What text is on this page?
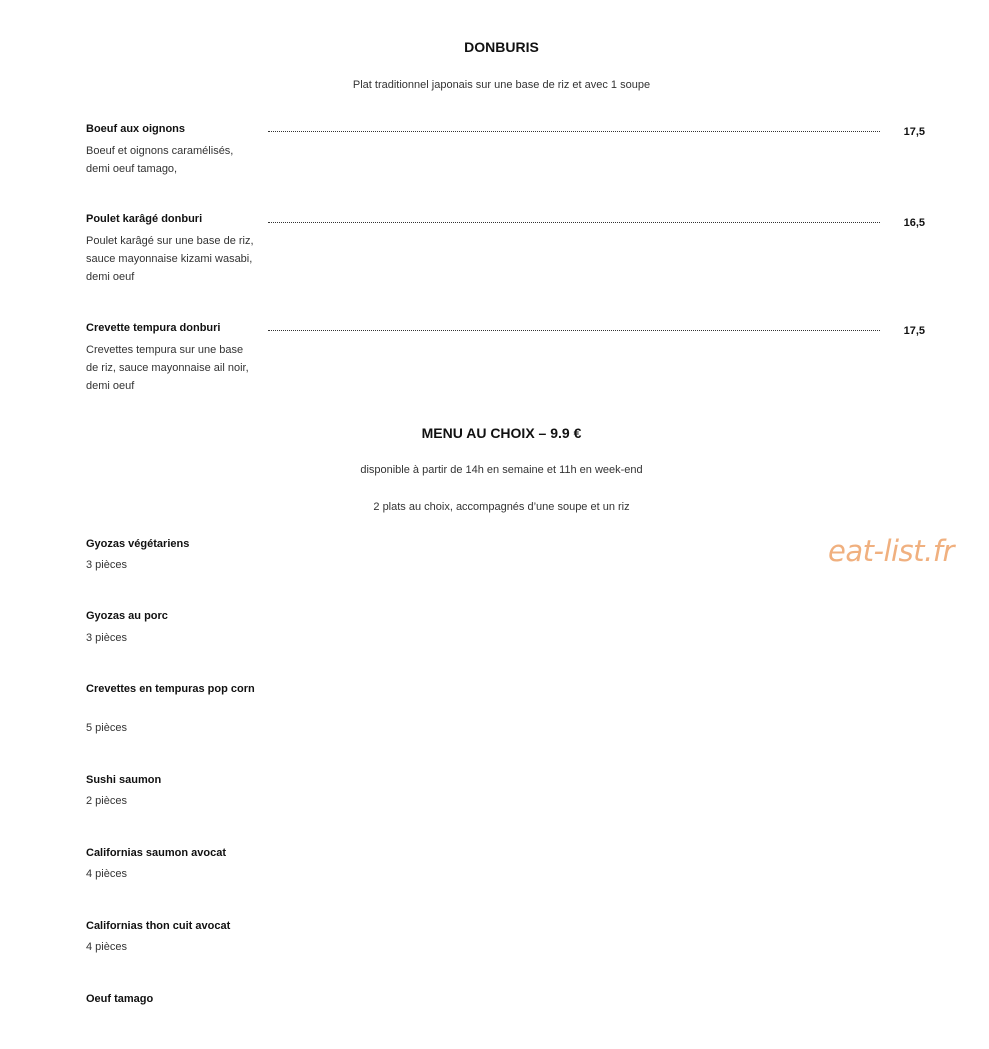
DONBURIS

Plat traditionnel japonais sur une base de riz et avec 1 soupe

Boeuf aux oignons

Boeuf et oignons caramélisés, demi oeuf tamago,

17,5

Poulet karâgé donburi

Poulet karâgé sur une base de riz, sauce mayonnaise kizami wasabi, demi oeuf

16,5

Crevette tempura donburi

Crevettes tempura sur une base de riz, sauce mayonnaise ail noir, demi oeuf

17,5

MENU AU CHOIX – 9.9 €

disponible à partir de 14h en semaine et 11h en week-end

2 plats au choix, accompagnés d’une soupe et un riz

Gyozas végétariens

3 pièces

Gyozas au porc

3 pièces

Crevettes en tempuras pop corn

5 pièces

Sushi saumon

2 pièces

Californias saumon avocat

4 pièces

Californias thon cuit avocat

4 pièces

Oeuf tamago

eat-list.fr
